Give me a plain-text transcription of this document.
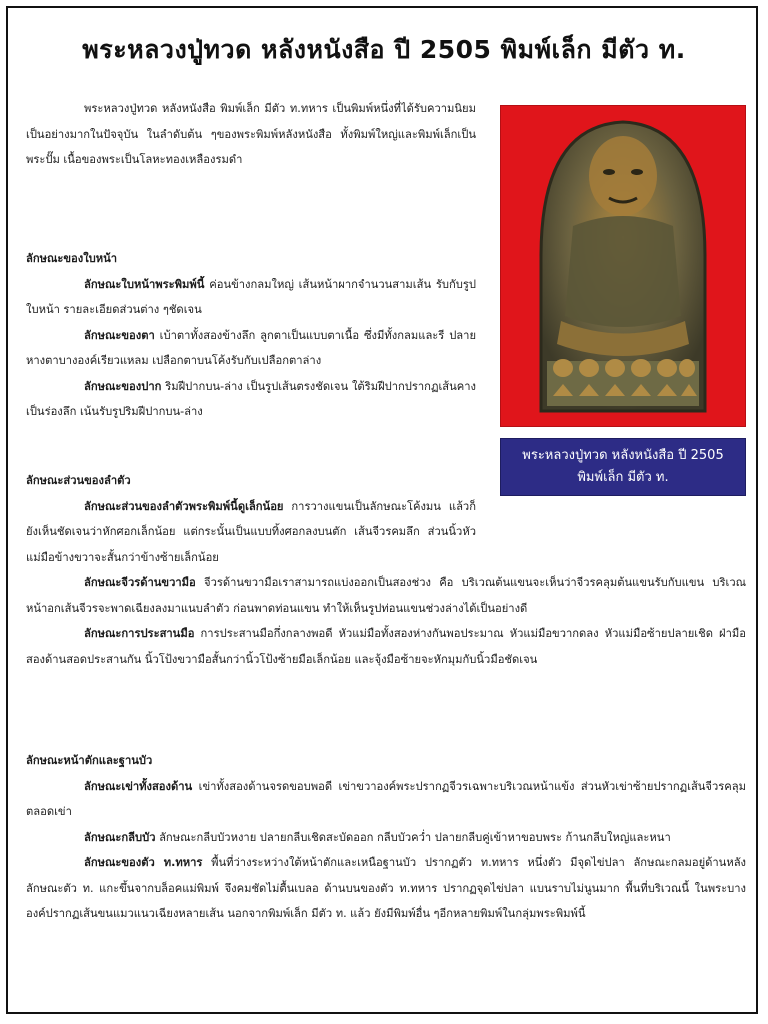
พระหลวงปู่ทวด หลังหนังสือ ปี 2505 พิมพ์เล็ก มีตัว ท.
พระหลวงปู่ทวด หลังหนังสือ ปี 2505
พิมพ์เล็ก มีตัว ท.

พระหลวงปู่ทวด หลังหนังสือ พิมพ์เล็ก มีตัว ท.ทหาร เป็นพิมพ์หนึ่งที่ได้รับความนิยมเป็นอย่างมากในปัจจุบัน ในลำดับต้น ๆของพระพิมพ์หลังหนังสือ ทั้งพิมพ์ใหญ่และพิมพ์เล็กเป็นพระปั๊ม เนื้อของพระเป็นโลหะทองเหลืองรมดำ

ลักษณะของใบหน้า

ลักษณะใบหน้าพระพิมพ์นี้ ค่อนข้างกลมใหญ่ เส้นหน้าผากจำนวนสามเส้น รับกับรูปใบหน้า รายละเอียดส่วนต่าง ๆชัดเจน

ลักษณะของตา เบ้าตาทั้งสองข้างลึก ลูกตาเป็นแบบตาเนื้อ ซึ่งมีทั้งกลมและรี ปลายหางตาบางองค์เรียวแหลม เปลือกตาบนโค้งรับกับเปลือกตาล่าง

ลักษณะของปาก ริมฝีปากบน-ล่าง เป็นรูปเส้นตรงชัดเจน ใต้ริมฝีปากปรากฏเส้นคางเป็นร่องลึก เน้นรับรูปริมฝีปากบน-ล่าง

ลักษณะส่วนของลำตัว

ลักษณะส่วนของลำตัวพระพิมพ์นี้ดูเล็กน้อย การวางแขนเป็นลักษณะโค้งมน แล้วก็ยังเห็นชัดเจนว่าหักศอกเล็กน้อย แต่กระนั้นเป็นแบบทิ้งศอกลงบนตัก เส้นจีวรคมลึก ส่วนนิ้วหัวแม่มือข้างขวาจะสั้นกว่าข้างซ้ายเล็กน้อย

ลักษณะจีวรด้านขวามือ จีวรด้านขวามือเราสามารถแบ่งออกเป็นสองช่วง คือ บริเวณต้นแขนจะเห็นว่าจีวรคลุมต้นแขนรับกับแขน บริเวณหน้าอกเส้นจีวรจะพาดเฉียงลงมาแนบลำตัว ก่อนพาดท่อนแขน ทำให้เห็นรูปท่อนแขนช่วงล่างได้เป็นอย่างดี

ลักษณะการประสานมือ การประสานมือกึ่งกลางพอดี หัวแม่มือทั้งสองห่างกันพอประมาณ หัวแม่มือขวากดลง หัวแม่มือซ้ายปลายเชิด ฝ่ามือสองด้านสอดประสานกัน นิ้วโป้งขวามือสั้นกว่านิ้วโป้งซ้ายมือเล็กน้อย และจุ้งมือซ้ายจะหักมุมกับนิ้วมือชัดเจน

ลักษณะหน้าตักและฐานบัว

ลักษณะเข่าทั้งสองด้าน เข่าทั้งสองด้านจรดขอบพอดี เข่าขวาองค์พระปรากฏจีวรเฉพาะบริเวณหน้าแข้ง ส่วนหัวเข่าซ้ายปรากฏเส้นจีวรคลุมตลอดเข่า

ลักษณะกลีบบัว ลักษณะกลีบบัวหงาย ปลายกลีบเชิดสะบัดออก กลีบบัวคว่ำ ปลายกลีบคู่เข้าหาขอบพระ ก้านกลีบใหญ่และหนา

ลักษณะของตัว ท.ทหาร พื้นที่ว่างระหว่างใต้หน้าตักและเหนือฐานบัว ปรากฏตัว ท.ทหาร หนึ่งตัว มีจุดไข่ปลา ลักษณะกลมอยู่ด้านหลัง ลักษณะตัว ท. แกะขึ้นจากบล็อคแม่พิมพ์ จึงคมชัดไม่ตื้นเบลอ ด้านบนของตัว ท.ทหาร ปรากฏจุดไข่ปลา แบนราบไม่นูนมาก พื้นที่บริเวณนี้ ในพระบางองค์ปรากฏเส้นขนแมวแนวเฉียงหลายเส้น นอกจากพิมพ์เล็ก มีตัว ท. แล้ว ยังมีพิมพ์อื่น ๆอีกหลายพิมพ์ในกลุ่มพระพิมพ์นี้
